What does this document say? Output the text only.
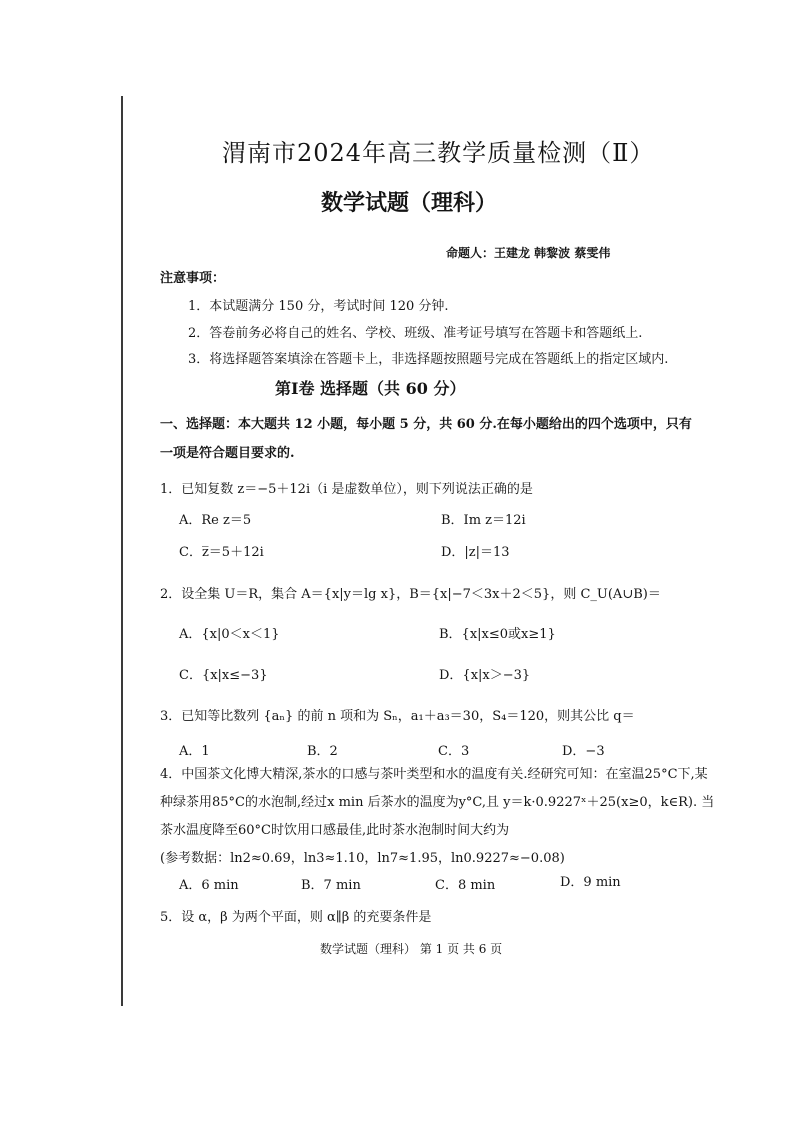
渭南市2024年高三教学质量检测（Ⅱ）
数学试题（理科）
命题人：王建龙 韩黎波 蔡雯伟
注意事项：
1．本试题满分 150 分，考试时间 120 分钟.
2．答卷前务必将自己的姓名、学校、班级、准考证号填写在答题卡和答题纸上.
3．将选择题答案填涂在答题卡上，非选择题按照题号完成在答题纸上的指定区域内.
第Ⅰ卷 选择题（共 60 分）
一、选择题：本大题共 12 小题，每小题 5 分，共 60 分.在每小题给出的四个选项中，只有
一项是符合题目要求的.
1．已知复数 z＝−5＋12i（i 是虚数单位），则下列说法正确的是
A．Re z＝5	B．Im z＝12i
C．z̅＝5＋12i	D．|z|＝13
2．设全集 U＝R，集合 A＝{x|y＝lg x}，B＝{x|−7＜3x＋2＜5}，则 C_U(A∪B)＝
A．{x|0＜x＜1}	B．{x|x≤0或x≥1}
C．{x|x≤−3}	D．{x|x＞−3}
3．已知等比数列 {aₙ} 的前 n 项和为 Sₙ，a₁＋a₃＝30，S₄＝120，则其公比 q＝
A．1	B．2	C．3	D．−3
4．中国茶文化博大精深,茶水的口感与茶叶类型和水的温度有关.经研究可知：在室温25°C下,某
种绿茶用85°C的水泡制,经过x min 后茶水的温度为y°C,且 y＝k·0.9227ˣ＋25(x≥0，k∈R). 当
茶水温度降至60°C时饮用口感最佳,此时茶水泡制时间大约为
(参考数据：ln2≈0.69，ln3≈1.10，ln7≈1.95，ln0.9227≈−0.08)
A．6 min	B．7 min	C．8 min	D．9 min
5．设 α，β 为两个平面，则 α∥β 的充要条件是
数学试题（理科） 第 1 页 共 6 页
